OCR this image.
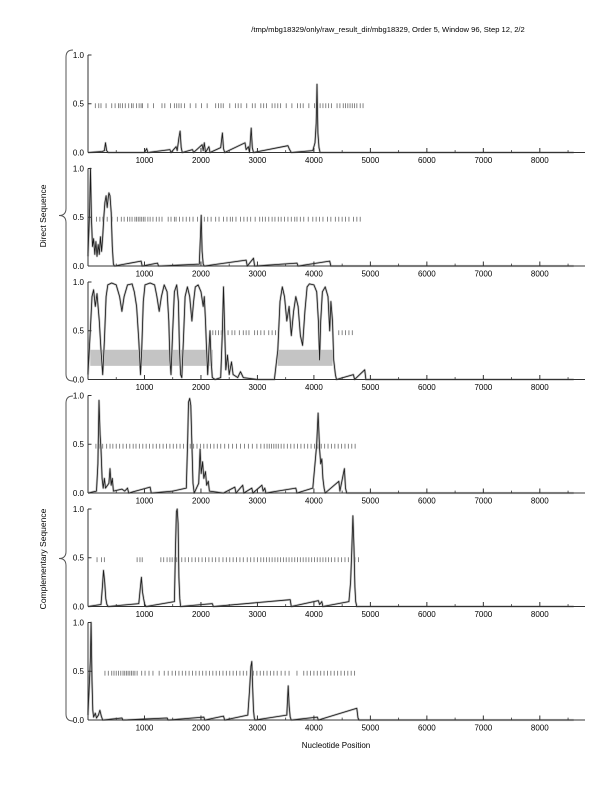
/tmp/mbg18329/only/raw_result_dir/mbg18329, Order 5, Window 96, Step 12, 2/2
1000	2000	3000	4000	5000	6000	7000	8000
0.0
0.5
1.0
1000	2000	3000	4000	5000	6000	7000	8000
0.0
0.5
1.0
1000	2000	3000	4000	5000	6000	7000	8000
0.0
0.5
1.0
1000	2000	3000	4000	5000	6000	7000	8000
0.0
0.5
1.0
1000	2000	3000	4000	5000	6000	7000	8000
0.0
0.5
1.0
1000	2000	3000	4000	5000	6000	7000	8000
0.0
0.5
1.0
Direct Sequence
Complementary Sequence
Nucleotide Position
